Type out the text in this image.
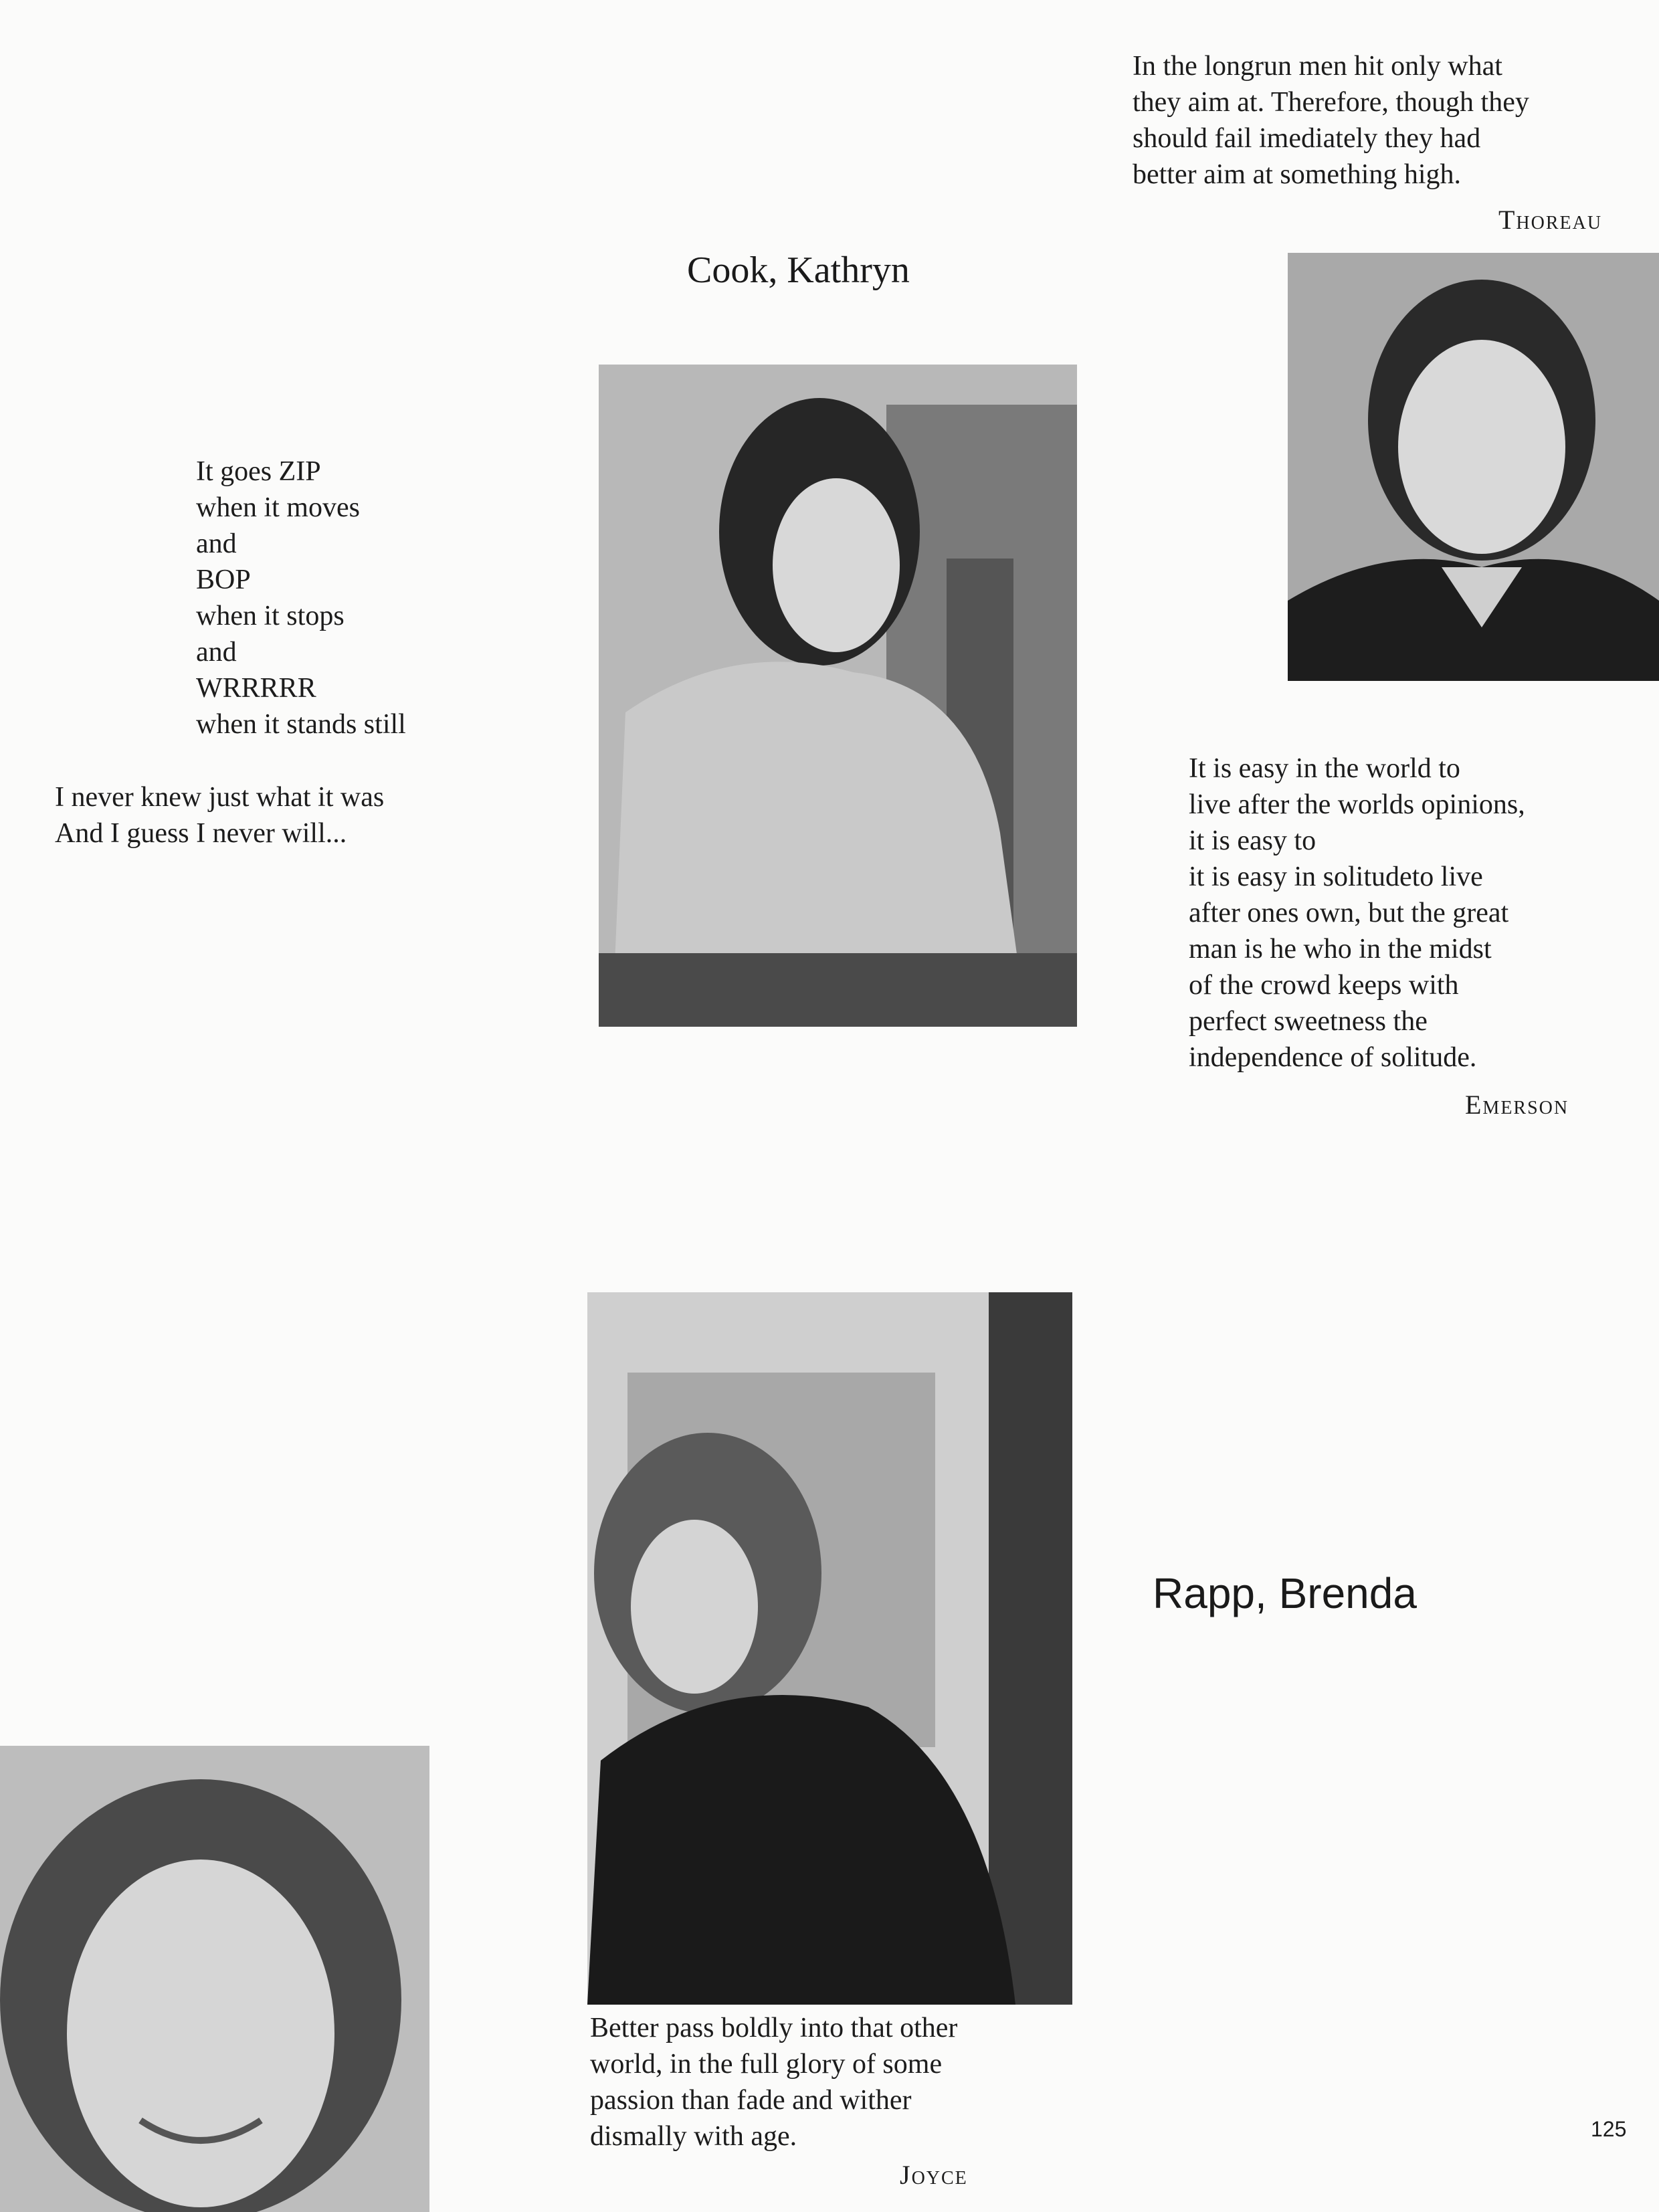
In the longrun men hit only what
they aim at. Therefore, though they
should fail imediately they had
better aim at something high.
Thoreau
Cook, Kathryn
It goes ZIP
when it moves
and
BOP
when it stops
and
WRRRRR
when it stands still
I never knew just what it was
And I guess I never will...
It is easy in the world to
live after the worlds opinions,
it is easy to
it is easy in solitudeto live
after ones own, but the great
man is he who in the midst
of the crowd keeps with
perfect sweetness the
independence of solitude.
Emerson
Rapp, Brenda
Better pass boldly into that other
world, in the full glory of some
passion than fade and wither
dismally with age.
Joyce
125
